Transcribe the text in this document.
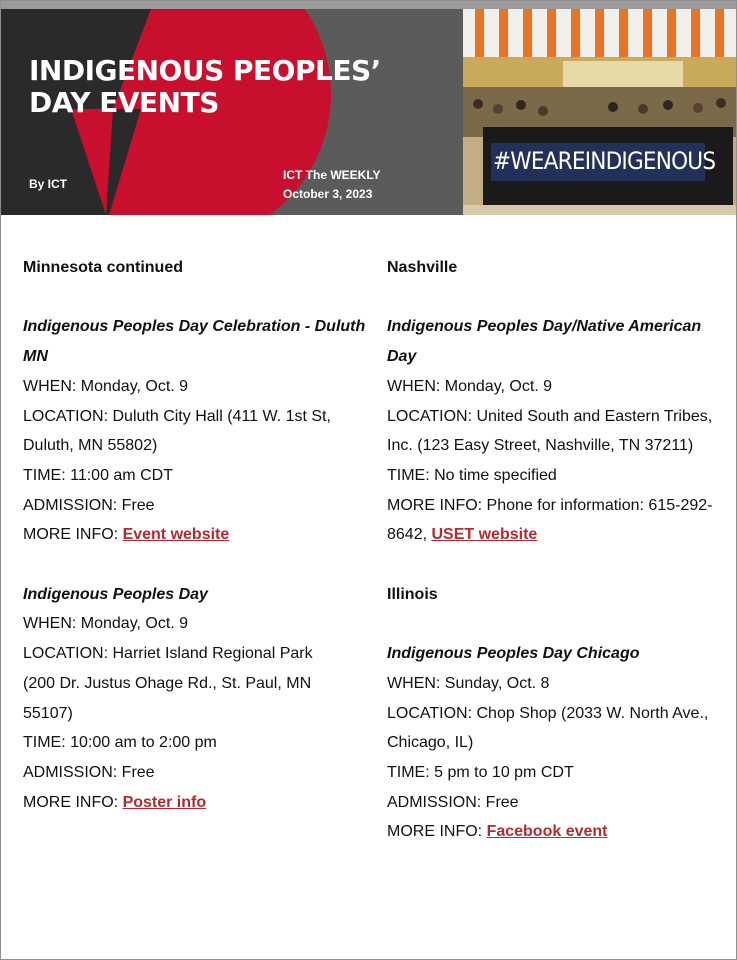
INDIGENOUS PEOPLES’
DAY EVENTS
By ICT
ICT The WEEKLY
October 3, 2023
#WEAREINDIGENOUS
Minnesota continued
Indigenous Peoples Day Celebration - Duluth
MN
WHEN: Monday, Oct. 9
LOCATION: Duluth City Hall (411 W. 1st St,
Duluth, MN 55802)
TIME: 11:00 am CDT
ADMISSION: Free
MORE INFO: Event website
Indigenous Peoples Day
WHEN: Monday, Oct. 9
LOCATION: Harriet Island Regional Park
(200 Dr. Justus Ohage Rd., St. Paul, MN
55107)
TIME: 10:00 am to 2:00 pm
ADMISSION: Free
MORE INFO: Poster info
Nashville
Indigenous Peoples Day/Native American
Day
WHEN: Monday, Oct. 9
LOCATION: United South and Eastern Tribes,
Inc. (123 Easy Street, Nashville, TN 37211)
TIME: No time specified
MORE INFO: Phone for information: 615-292-
8642, USET website
Illinois
Indigenous Peoples Day Chicago
WHEN: Sunday, Oct. 8
LOCATION: Chop Shop (2033 W. North Ave.,
Chicago, IL)
TIME: 5 pm to 10 pm CDT
ADMISSION: Free
MORE INFO: Facebook event
